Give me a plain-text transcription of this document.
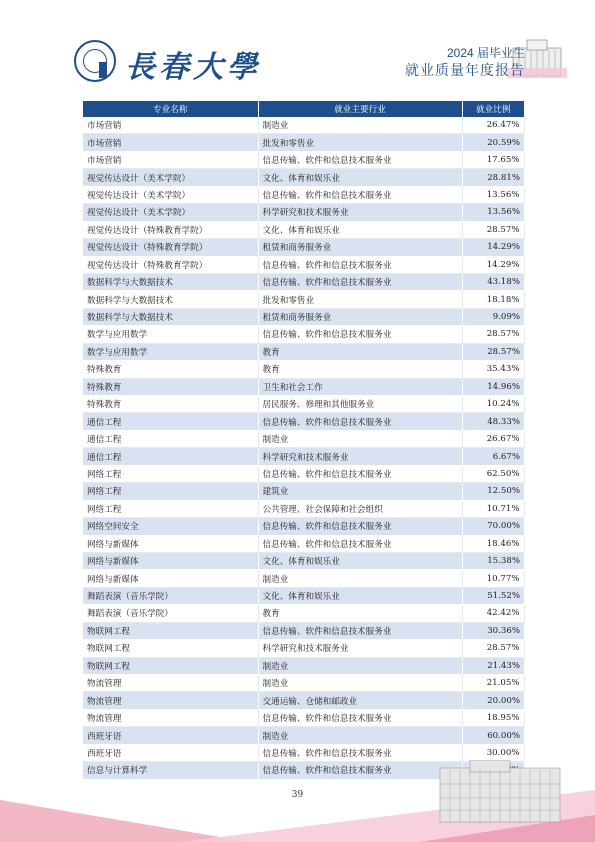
長春大學	2024 届毕业生
就业质量年度报告
专业名称	就业主要行业	就业比例
市场营销	制造业	26.47%
市场营销	批发和零售业	20.59%
市场营销	信息传输、软件和信息技术服务业	17.65%
视觉传达设计（美术学院）	文化、体育和娱乐业	28.81%
视觉传达设计（美术学院）	信息传输、软件和信息技术服务业	13.56%
视觉传达设计（美术学院）	科学研究和技术服务业	13.56%
视觉传达设计（特殊教育学院）	文化、体育和娱乐业	28.57%
视觉传达设计（特殊教育学院）	租赁和商务服务业	14.29%
视觉传达设计（特殊教育学院）	信息传输、软件和信息技术服务业	14.29%
数据科学与大数据技术	信息传输、软件和信息技术服务业	43.18%
数据科学与大数据技术	批发和零售业	18.18%
数据科学与大数据技术	租赁和商务服务业	9.09%
数学与应用数学	信息传输、软件和信息技术服务业	28.57%
数学与应用数学	教育	28.57%
特殊教育	教育	35.43%
特殊教育	卫生和社会工作	14.96%
特殊教育	居民服务、修理和其他服务业	10.24%
通信工程	信息传输、软件和信息技术服务业	48.33%
通信工程	制造业	26.67%
通信工程	科学研究和技术服务业	6.67%
网络工程	信息传输、软件和信息技术服务业	62.50%
网络工程	建筑业	12.50%
网络工程	公共管理、社会保障和社会组织	10.71%
网络空间安全	信息传输、软件和信息技术服务业	70.00%
网络与新媒体	信息传输、软件和信息技术服务业	18.46%
网络与新媒体	文化、体育和娱乐业	15.38%
网络与新媒体	制造业	10.77%
舞蹈表演（音乐学院）	文化、体育和娱乐业	51.52%
舞蹈表演（音乐学院）	教育	42.42%
物联网工程	信息传输、软件和信息技术服务业	30.36%
物联网工程	科学研究和技术服务业	28.57%
物联网工程	制造业	21.43%
物流管理	制造业	21.05%
物流管理	交通运输、仓储和邮政业	20.00%
物流管理	信息传输、软件和信息技术服务业	18.95%
西班牙语	制造业	60.00%
西班牙语	信息传输、软件和信息技术服务业	30.00%
信息与计算科学	信息传输、软件和信息技术服务业	
39
